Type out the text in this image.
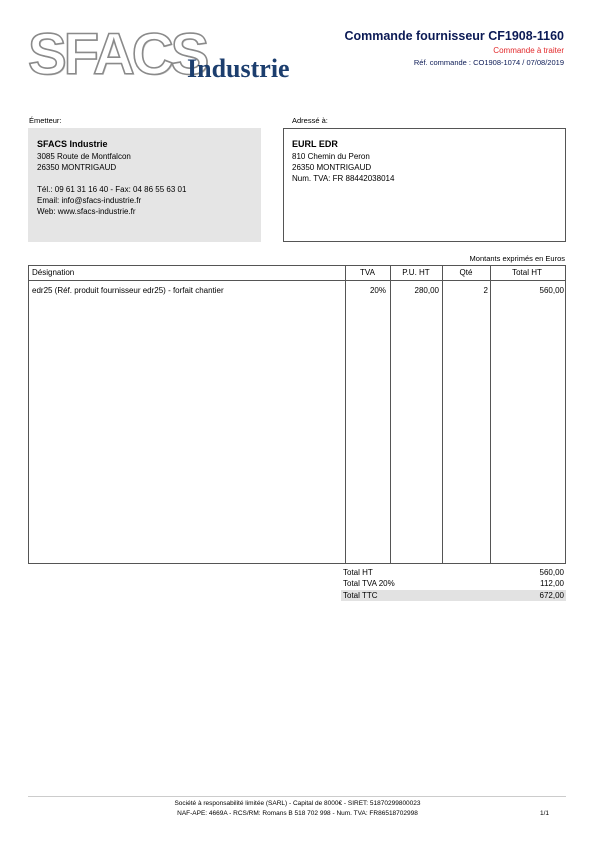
SFACS
Industrie
Commande fournisseur CF1908-1160
Commande à traiter
Réf. commande : CO1908-1074 / 07/08/2019
Émetteur:
SFACS Industrie
3085 Route de Montfalcon
26350 MONTRIGAUD
Tél.: 09 61 31 16 40 - Fax: 04 86 55 63 01
Email: info@sfacs-industrie.fr
Web: www.sfacs-industrie.fr
Adressé à:
EURL EDR
810 Chemin du Peron
26350 MONTRIGAUD
Num. TVA: FR 88442038014
Montants exprimés en Euros
Désignation	TVA	P.U. HT	Qté	Total HT
edr25 (Réf. produit fournisseur edr25) - forfait chantier	20%	280,00	2	560,00
Total HT	560,00
Total TVA 20%	112,00
Total TTC	672,00
Société à responsabilité limitée (SARL) - Capital de 8000€ - SIRET: 51870299800023
NAF-APE: 4669A - RCS/RM: Romans B 518 702 998 - Num. TVA: FR86518702998	1/1
